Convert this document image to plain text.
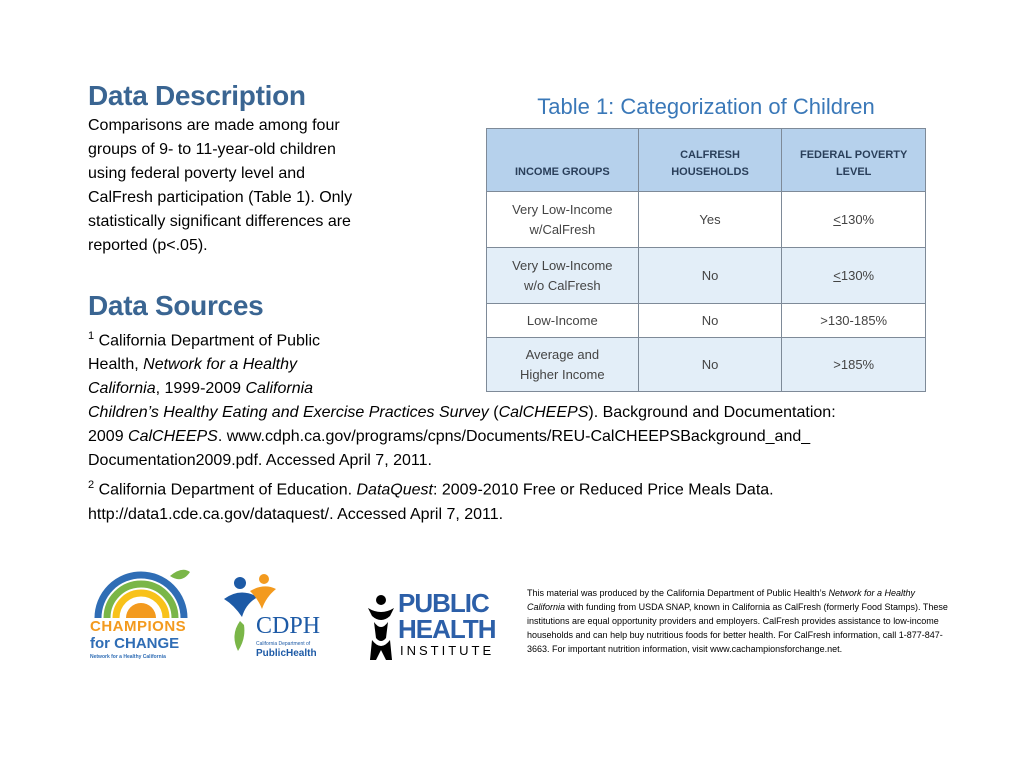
Data Description
Comparisons are made among four
groups of 9- to 11-year-old children
using federal poverty level and
CalFresh participation (Table 1). Only
statistically significant differences are
reported (p<.05).
Data Sources
$^1$ California Department of Public
Health, Network for a Healthy
California, 1999-2009 California
Children’s Healthy Eating and Exercise Practices Survey (CalCHEEPS). Background and Documentation:
2009 CalCHEEPS. www.cdph.ca.gov/programs/cpns/Documents/REU-CalCHEEPSBackground_and_
Documentation2009.pdf. Accessed April 7, 2011.
$^2$ California Department of Education. DataQuest: 2009-2010 Free or Reduced Price Meals Data.
http://data1.cde.ca.gov/dataquest/. Accessed April 7, 2011.
Table 1: Categorization of Children
INCOME GROUPS	CALFRESH HOUSEHOLDS	FEDERAL POVERTY LEVEL
Very Low-Income
w/CalFresh	Yes	<130%
Very Low-Income
w/o CalFresh	No	<130%
Low-Income	No	>130-185%
Average and
Higher Income	No	>185%
CHAMPIONS
for CHANGE
Network for a Healthy California
CDPH
California Department of
PublicHealth
PUBLIC
HEALTH
INSTITUTE
This material was produced by the California Department of Public Health’s Network for a Healthy California with funding from USDA SNAP, known in California as CalFresh (formerly Food Stamps). These institutions are equal opportunity providers and employers. CalFresh provides assistance to low-income households and can help buy nutritious foods for better health. For CalFresh information, call 1-877-847-3663. For important nutrition information, visit www.cachampionsforchange.net.
